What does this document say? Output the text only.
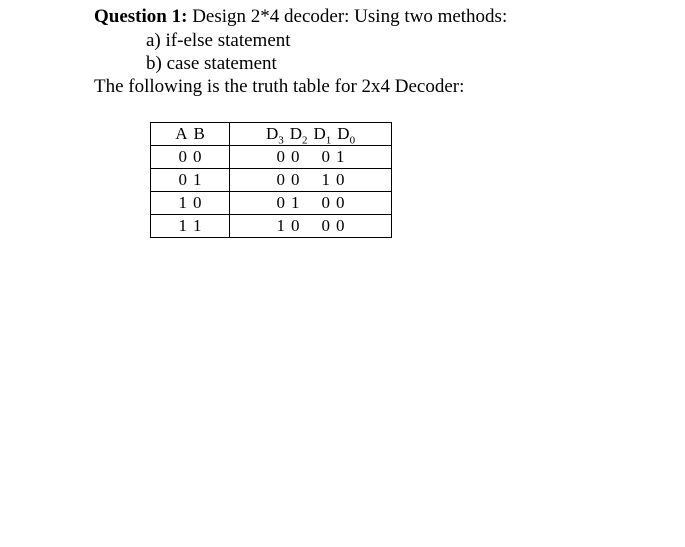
Question 1: Design 2*4 decoder: Using two methods:
a) if-else statement
b) case statement
The following is the truth table for 2x4 Decoder:
A B	$D_3$ $D_2$ $D_1$ $D_0$
0 0	0 0 0 1
0 1	0 0 1 0
1 0	0 1 0 0
1 1	1 0 0 0
